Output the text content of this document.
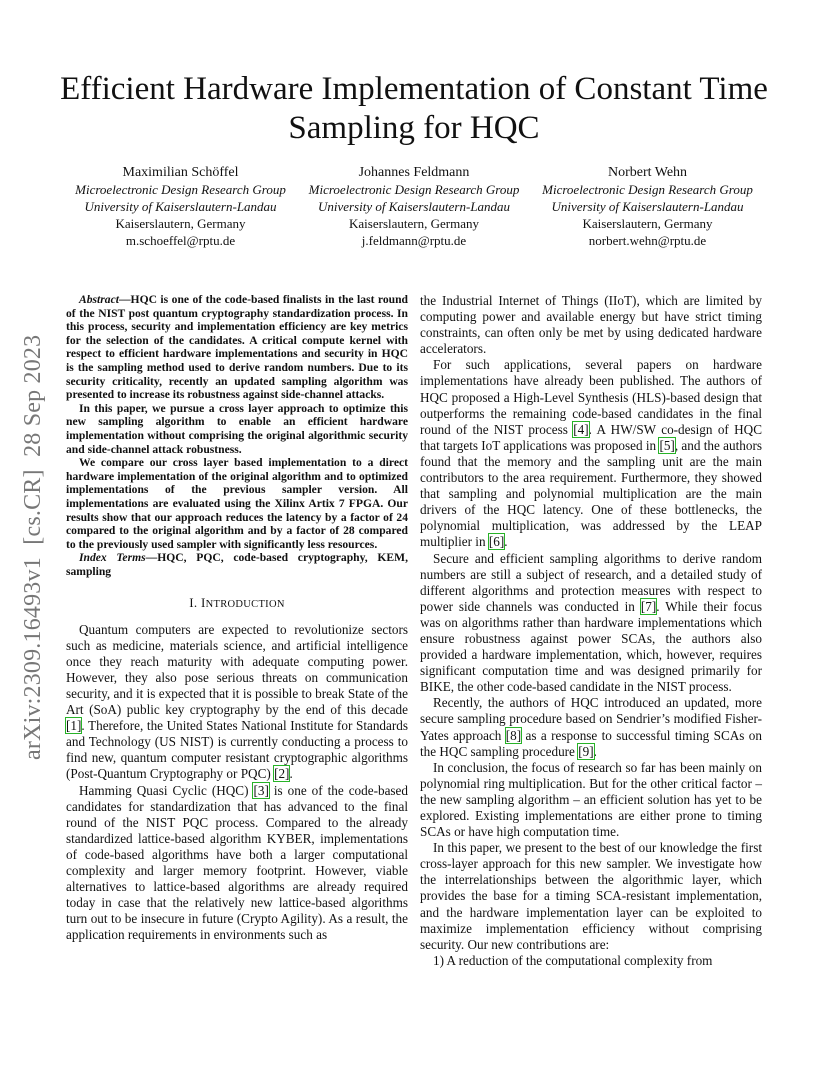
Efficient Hardware Implementation of Constant Time Sampling for HQC
Maximilian Schöffel
Microelectronic Design Research Group
University of Kaiserslautern-Landau
Kaiserslautern, Germany
m.schoeffel@rptu.de
Johannes Feldmann
Microelectronic Design Research Group
University of Kaiserslautern-Landau
Kaiserslautern, Germany
j.feldmann@rptu.de
Norbert Wehn
Microelectronic Design Research Group
University of Kaiserslautern-Landau
Kaiserslautern, Germany
norbert.wehn@rptu.de
arXiv:2309.16493v1  [cs.CR]  28 Sep 2023

Abstract—HQC is one of the code-based finalists in the last round of the NIST post quantum cryptography standardization process. In this process, security and implementation efficiency are key metrics for the selection of the candidates. A critical compute kernel with respect to efficient hardware implementations and security in HQC is the sampling method used to derive random numbers. Due to its security criticality, recently an updated sampling algorithm was presented to increase its robustness against side-channel attacks.

In this paper, we pursue a cross layer approach to optimize this new sampling algorithm to enable an efficient hardware implementation without comprising the original algorithmic security and side-channel attack robustness.

We compare our cross layer based implementation to a direct hardware implementation of the original algorithm and to optimized implementations of the previous sampler version. All implementations are evaluated using the Xilinx Artix 7 FPGA. Our results show that our approach reduces the latency by a factor of 24 compared to the original algorithm and by a factor of 28 compared to the previously used sampler with significantly less resources.

Index Terms—HQC, PQC, code-based cryptography, KEM, sampling

I. INTRODUCTION

Quantum computers are expected to revolutionize sectors such as medicine, materials science, and artificial intelligence once they reach maturity with adequate computing power. However, they also pose serious threats on communication security, and it is expected that it is possible to break State of the Art (SoA) public key cryptography by the end of this decade [1]. Therefore, the United States National Institute for Standards and Technology (US NIST) is currently conducting a process to find new, quantum computer resistant cryptographic algorithms (Post-Quantum Cryptography or PQC) [2].

Hamming Quasi Cyclic (HQC) [3] is one of the code-based candidates for standardization that has advanced to the final round of the NIST PQC process. Compared to the already standardized lattice-based algorithm KYBER, implementations of code-based algorithms have both a larger computational complexity and larger memory footprint. However, viable alternatives to lattice-based algorithms are already required today in case that the relatively new lattice-based algorithms turn out to be insecure in future (Crypto Agility). As a result, the application requirements in environments such as

the Industrial Internet of Things (IIoT), which are limited by computing power and available energy but have strict timing constraints, can often only be met by using dedicated hardware accelerators.

For such applications, several papers on hardware implementations have already been published. The authors of HQC proposed a High-Level Synthesis (HLS)-based design that outperforms the remaining code-based candidates in the final round of the NIST process [4]. A HW/SW co-design of HQC that targets IoT applications was proposed in [5], and the authors found that the memory and the sampling unit are the main contributors to the area requirement. Furthermore, they showed that sampling and polynomial multiplication are the main drivers of the HQC latency. One of these bottlenecks, the polynomial multiplication, was addressed by the LEAP multiplier in [6].

Secure and efficient sampling algorithms to derive random numbers are still a subject of research, and a detailed study of different algorithms and protection measures with respect to power side channels was conducted in [7]. While their focus was on algorithms rather than hardware implementations which ensure robustness against power SCAs, the authors also provided a hardware implementation, which, however, requires significant computation time and was designed primarily for BIKE, the other code-based candidate in the NIST process.

Recently, the authors of HQC introduced an updated, more secure sampling procedure based on Sendrier’s modified Fisher-Yates approach [8] as a response to successful timing SCAs on the HQC sampling procedure [9].

In conclusion, the focus of research so far has been mainly on polynomial ring multiplication. But for the other critical factor – the new sampling algorithm – an efficient solution has yet to be explored. Existing implementations are either prone to timing SCAs or have high computation time.

In this paper, we present to the best of our knowledge the first cross-layer approach for this new sampler. We investigate how the interrelationships between the algorithmic layer, which provides the base for a timing SCA-resistant implementation, and the hardware implementation layer can be exploited to maximize implementation efficiency without comprising security. Our new contributions are:

1) A reduction of the computational complexity from
